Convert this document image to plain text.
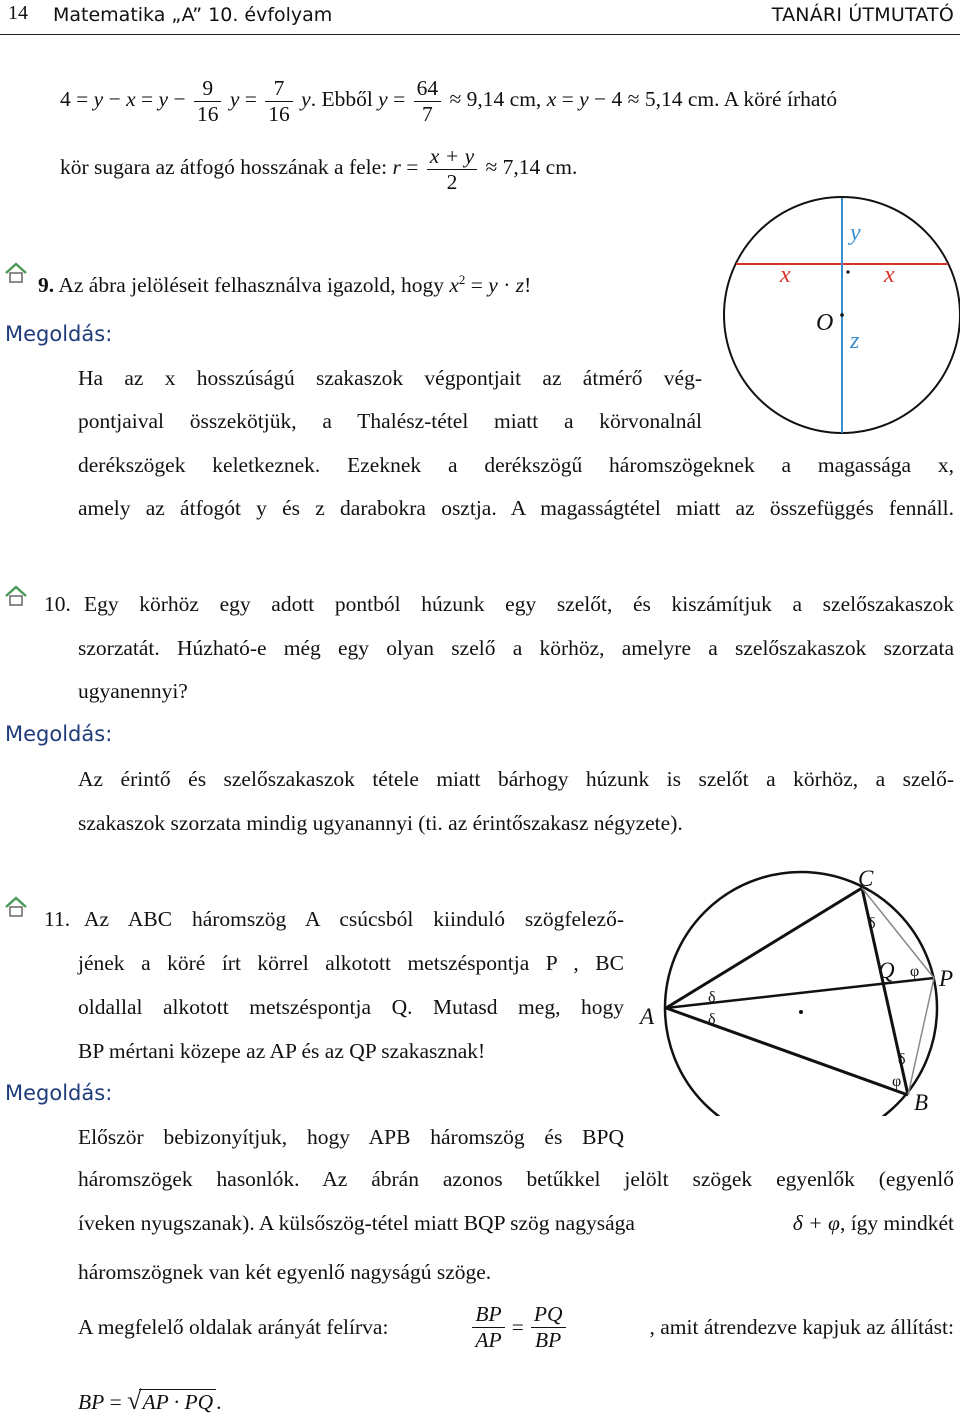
14 Matematika „A” 10. évfolyam	TANÁRI ÚTMUTATÓ
$4 = y - x = y - \frac{9}{16}$ $y = \frac{7}{16} y$. Ebből $y = \frac{64}{7} \approx 9,14$ cm, x = y − 4 ≈ 5,14 cm. A köré írható
kör sugara az átfogó hosszának a fele: $r = \frac{x + y}{2} \approx 7,14$ cm.
9. Az ábra jelöléseit felhasználva igazold, hogy $x^2 = y \cdot z$!
Megoldás:
Ha az x hosszúságú szakaszok végpontjait az átmérő vég-
pontjaival összekötjük, a Thalész-tétel miatt a körvonalnál
derékszögek keletkeznek. Ezeknek a derékszögű háromszögeknek a magassága x,
amely az átfogót y és z darabokra osztja. A magasságtétel miatt az összefüggés fennáll.
x	x
y
z
O
10. Egy körhöz egy adott pontból húzunk egy szelőt, és kiszámítjuk a szelőszakaszok
szorzatát. Húzható-e még egy olyan szelő a körhöz, amelyre a szelőszakaszok szorzata
ugyanennyi?
Megoldás:
Az érintő és szelőszakaszok tétele miatt bárhogy húzunk is szelőt a körhöz, a szelő-
szakaszok szorzata mindig ugyanannyi (ti. az érintőszakasz négyzete).
11. Az ABC háromszög A csúcsból kiinduló szögfelező-
jének a köré írt körrel alkotott metszéspontja P , BC
oldallal alkotott metszéspontja Q. Mutasd meg, hogy
BP mértani közepe az AP és az QP szakasznak!
Megoldás:
Először bebizonyítjuk, hogy APB háromszög és BPQ
háromszögek hasonlók. Az ábrán azonos betűkkel jelölt szögek egyenlők (egyenlő
íveken nyugszanak). A külsőszög-tétel miatt BQP szög nagysága	δ + φ, így mindkét
háromszögnek van két egyenlő nagyságú szöge.
A megfelelő oldalak arányát felírva:	$\frac{BP}{AP} = \frac{PQ}{BP}$	, amit átrendezve kapjuk az állítást:
BP = √AP · PQ .
A
C
B
P
Q
δ
δ
δ
δ
φ
φ
